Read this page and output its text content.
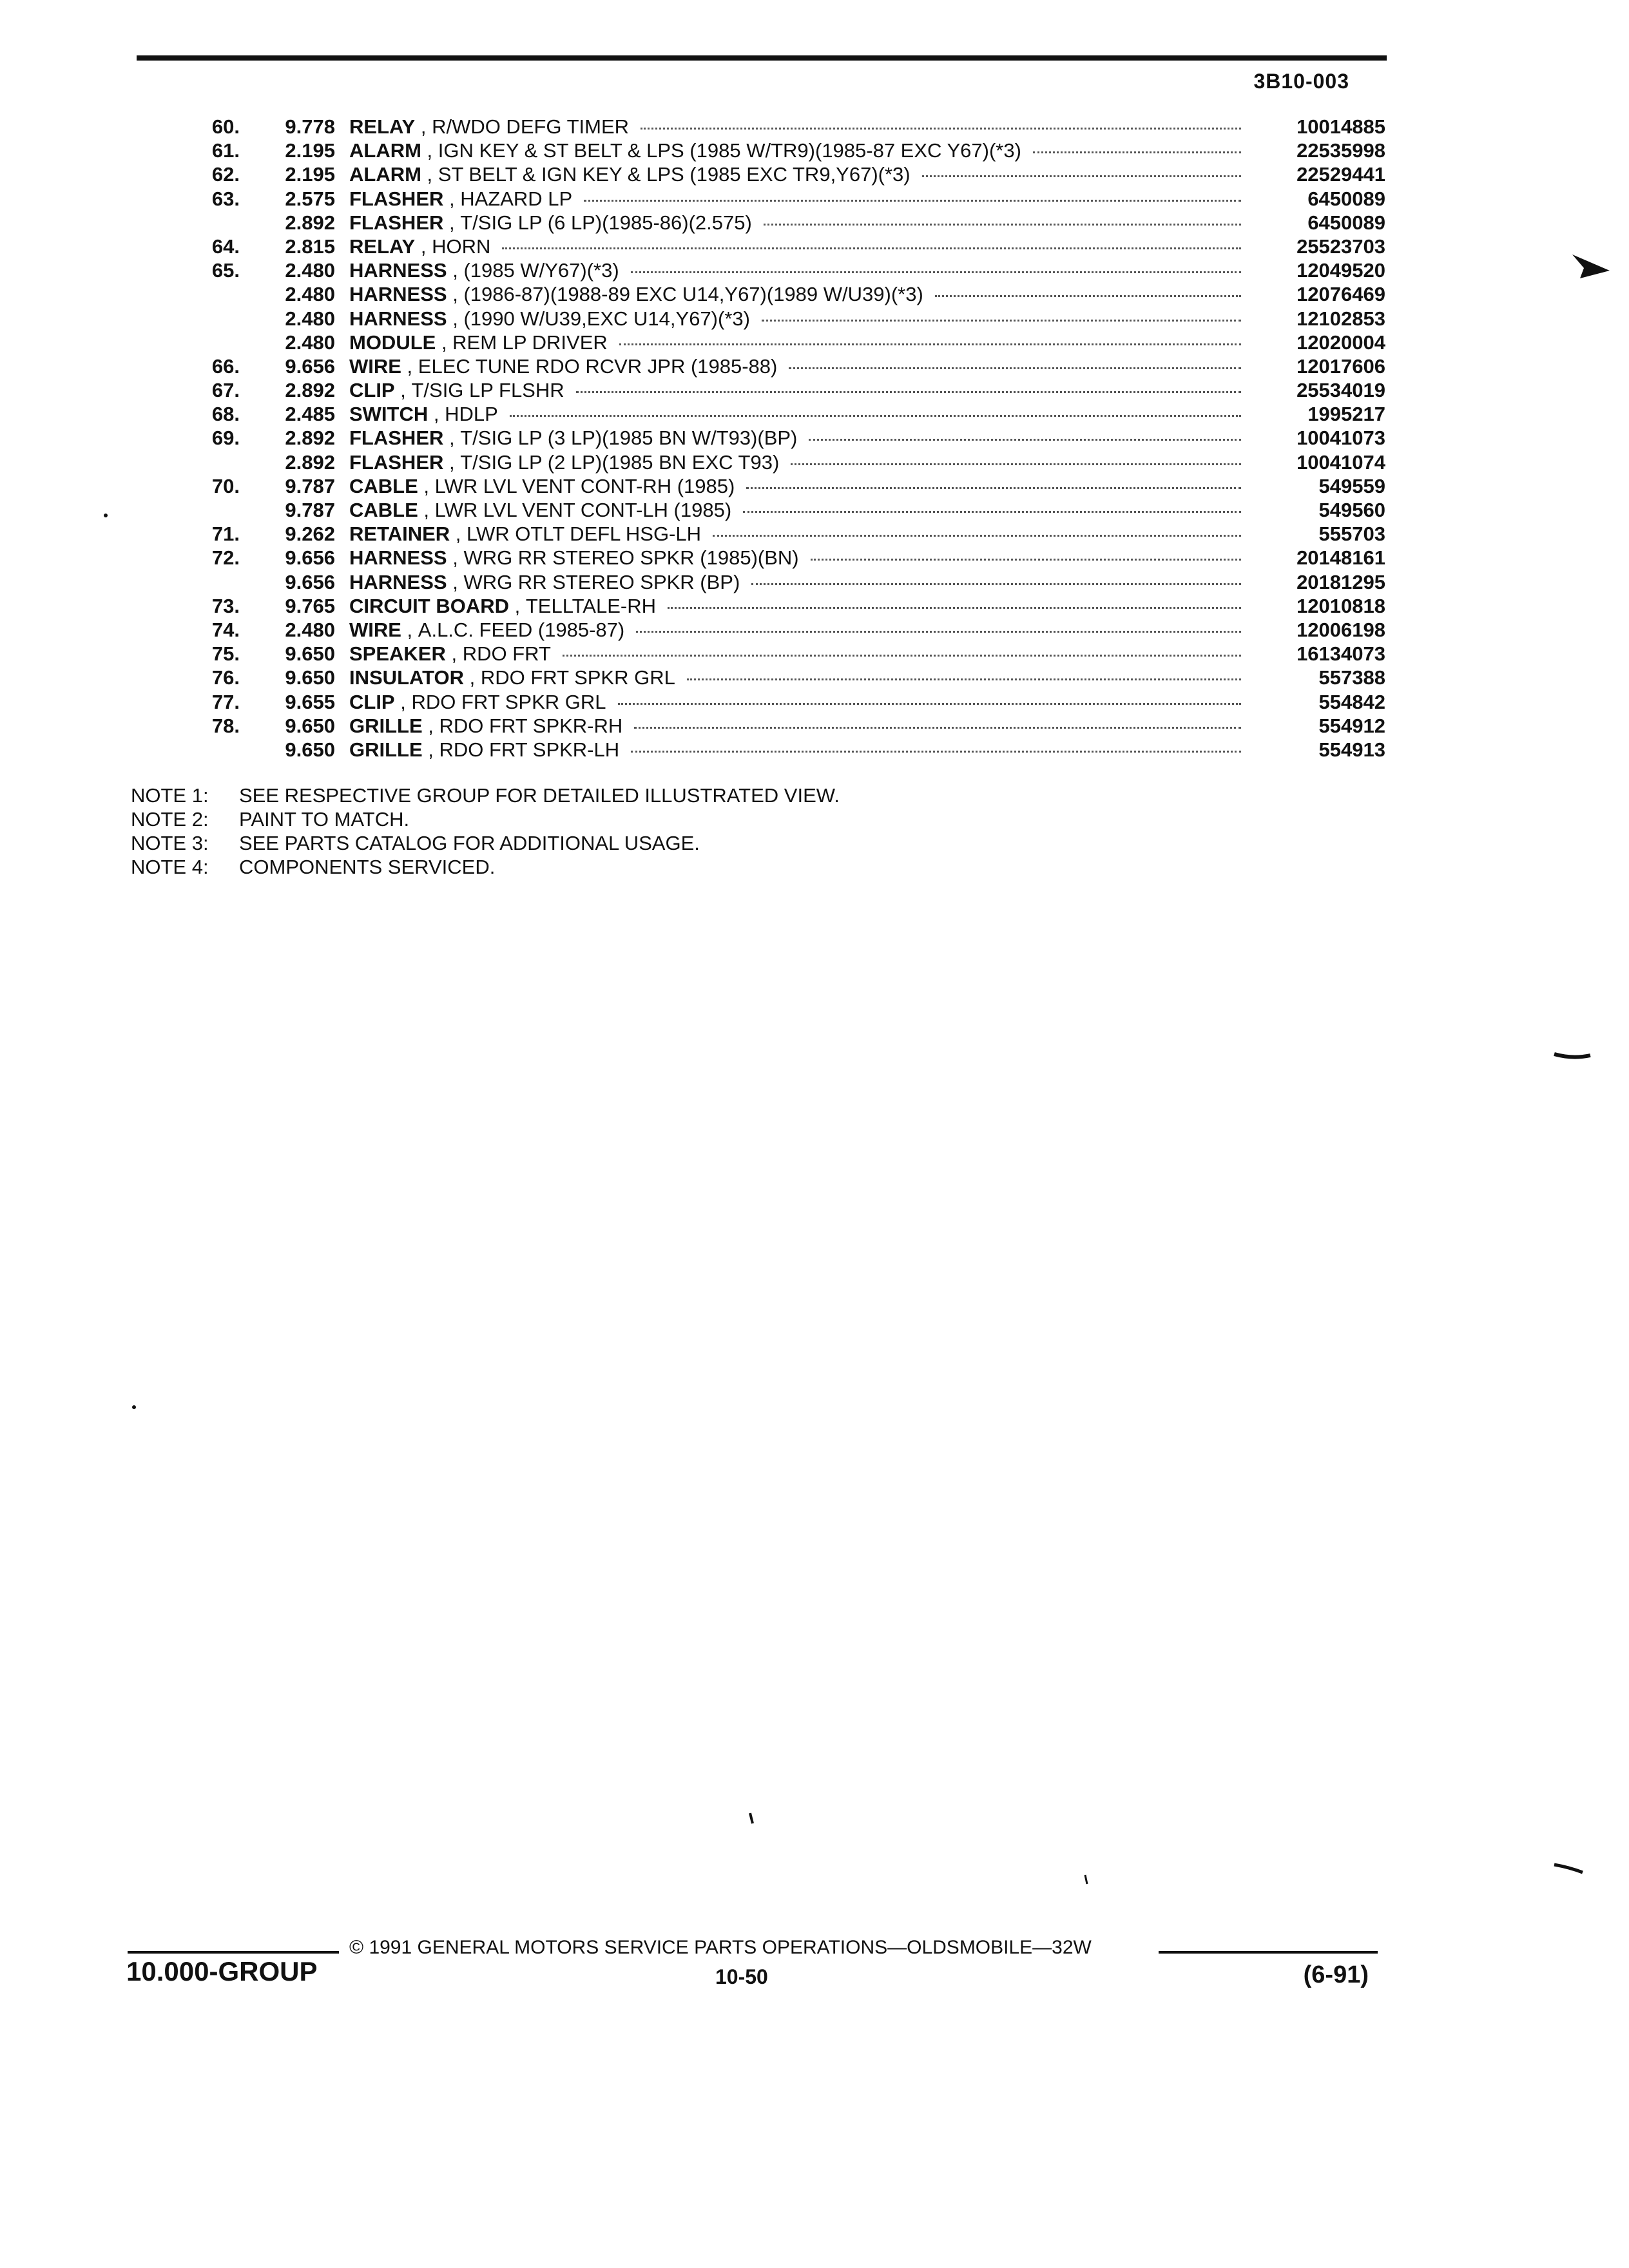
3B10-003
60.	9.778 RELAY , R/WDO DEFG TIMER	10014885
61.	2.195 ALARM , IGN KEY & ST BELT & LPS (1985 W/TR9)(1985-87 EXC Y67)(*3)	22535998
62.	2.195 ALARM , ST BELT & IGN KEY & LPS (1985 EXC TR9,Y67)(*3)	22529441
63.	2.575 FLASHER , HAZARD LP	6450089
2.892 FLASHER , T/SIG LP (6 LP)(1985-86)(2.575)	6450089
64.	2.815 RELAY , HORN	25523703
65.	2.480 HARNESS , (1985 W/Y67)(*3)	12049520
2.480 HARNESS , (1986-87)(1988-89 EXC U14,Y67)(1989 W/U39)(*3)	12076469
2.480 HARNESS , (1990 W/U39,EXC U14,Y67)(*3)	12102853
2.480 MODULE , REM LP DRIVER	12020004
66.	9.656 WIRE , ELEC TUNE RDO RCVR JPR (1985-88)	12017606
67.	2.892 CLIP , T/SIG LP FLSHR	25534019
68.	2.485 SWITCH , HDLP	1995217
69.	2.892 FLASHER , T/SIG LP (3 LP)(1985 BN W/T93)(BP)	10041073
2.892 FLASHER , T/SIG LP (2 LP)(1985 BN EXC T93)	10041074
70.	9.787 CABLE , LWR LVL VENT CONT-RH (1985)	549559
9.787 CABLE , LWR LVL VENT CONT-LH (1985)	549560
71.	9.262 RETAINER , LWR OTLT DEFL HSG-LH	555703
72.	9.656 HARNESS , WRG RR STEREO SPKR (1985)(BN)	20148161
9.656 HARNESS , WRG RR STEREO SPKR (BP)	20181295
73.	9.765 CIRCUIT BOARD , TELLTALE-RH	12010818
74.	2.480 WIRE , A.L.C. FEED (1985-87)	12006198
75.	9.650 SPEAKER , RDO FRT	16134073
76.	9.650 INSULATOR , RDO FRT SPKR GRL	557388
77.	9.655 CLIP , RDO FRT SPKR GRL	554842
78.	9.650 GRILLE , RDO FRT SPKR-RH	554912
9.650 GRILLE , RDO FRT SPKR-LH	554913
NOTE 1: SEE RESPECTIVE GROUP FOR DETAILED ILLUSTRATED VIEW.
NOTE 2: PAINT TO MATCH.
NOTE 3: SEE PARTS CATALOG FOR ADDITIONAL USAGE.
NOTE 4: COMPONENTS SERVICED.
© 1991 GENERAL MOTORS SERVICE PARTS OPERATIONS—OLDSMOBILE—32W
10.000-GROUP	10-50	(6-91)
